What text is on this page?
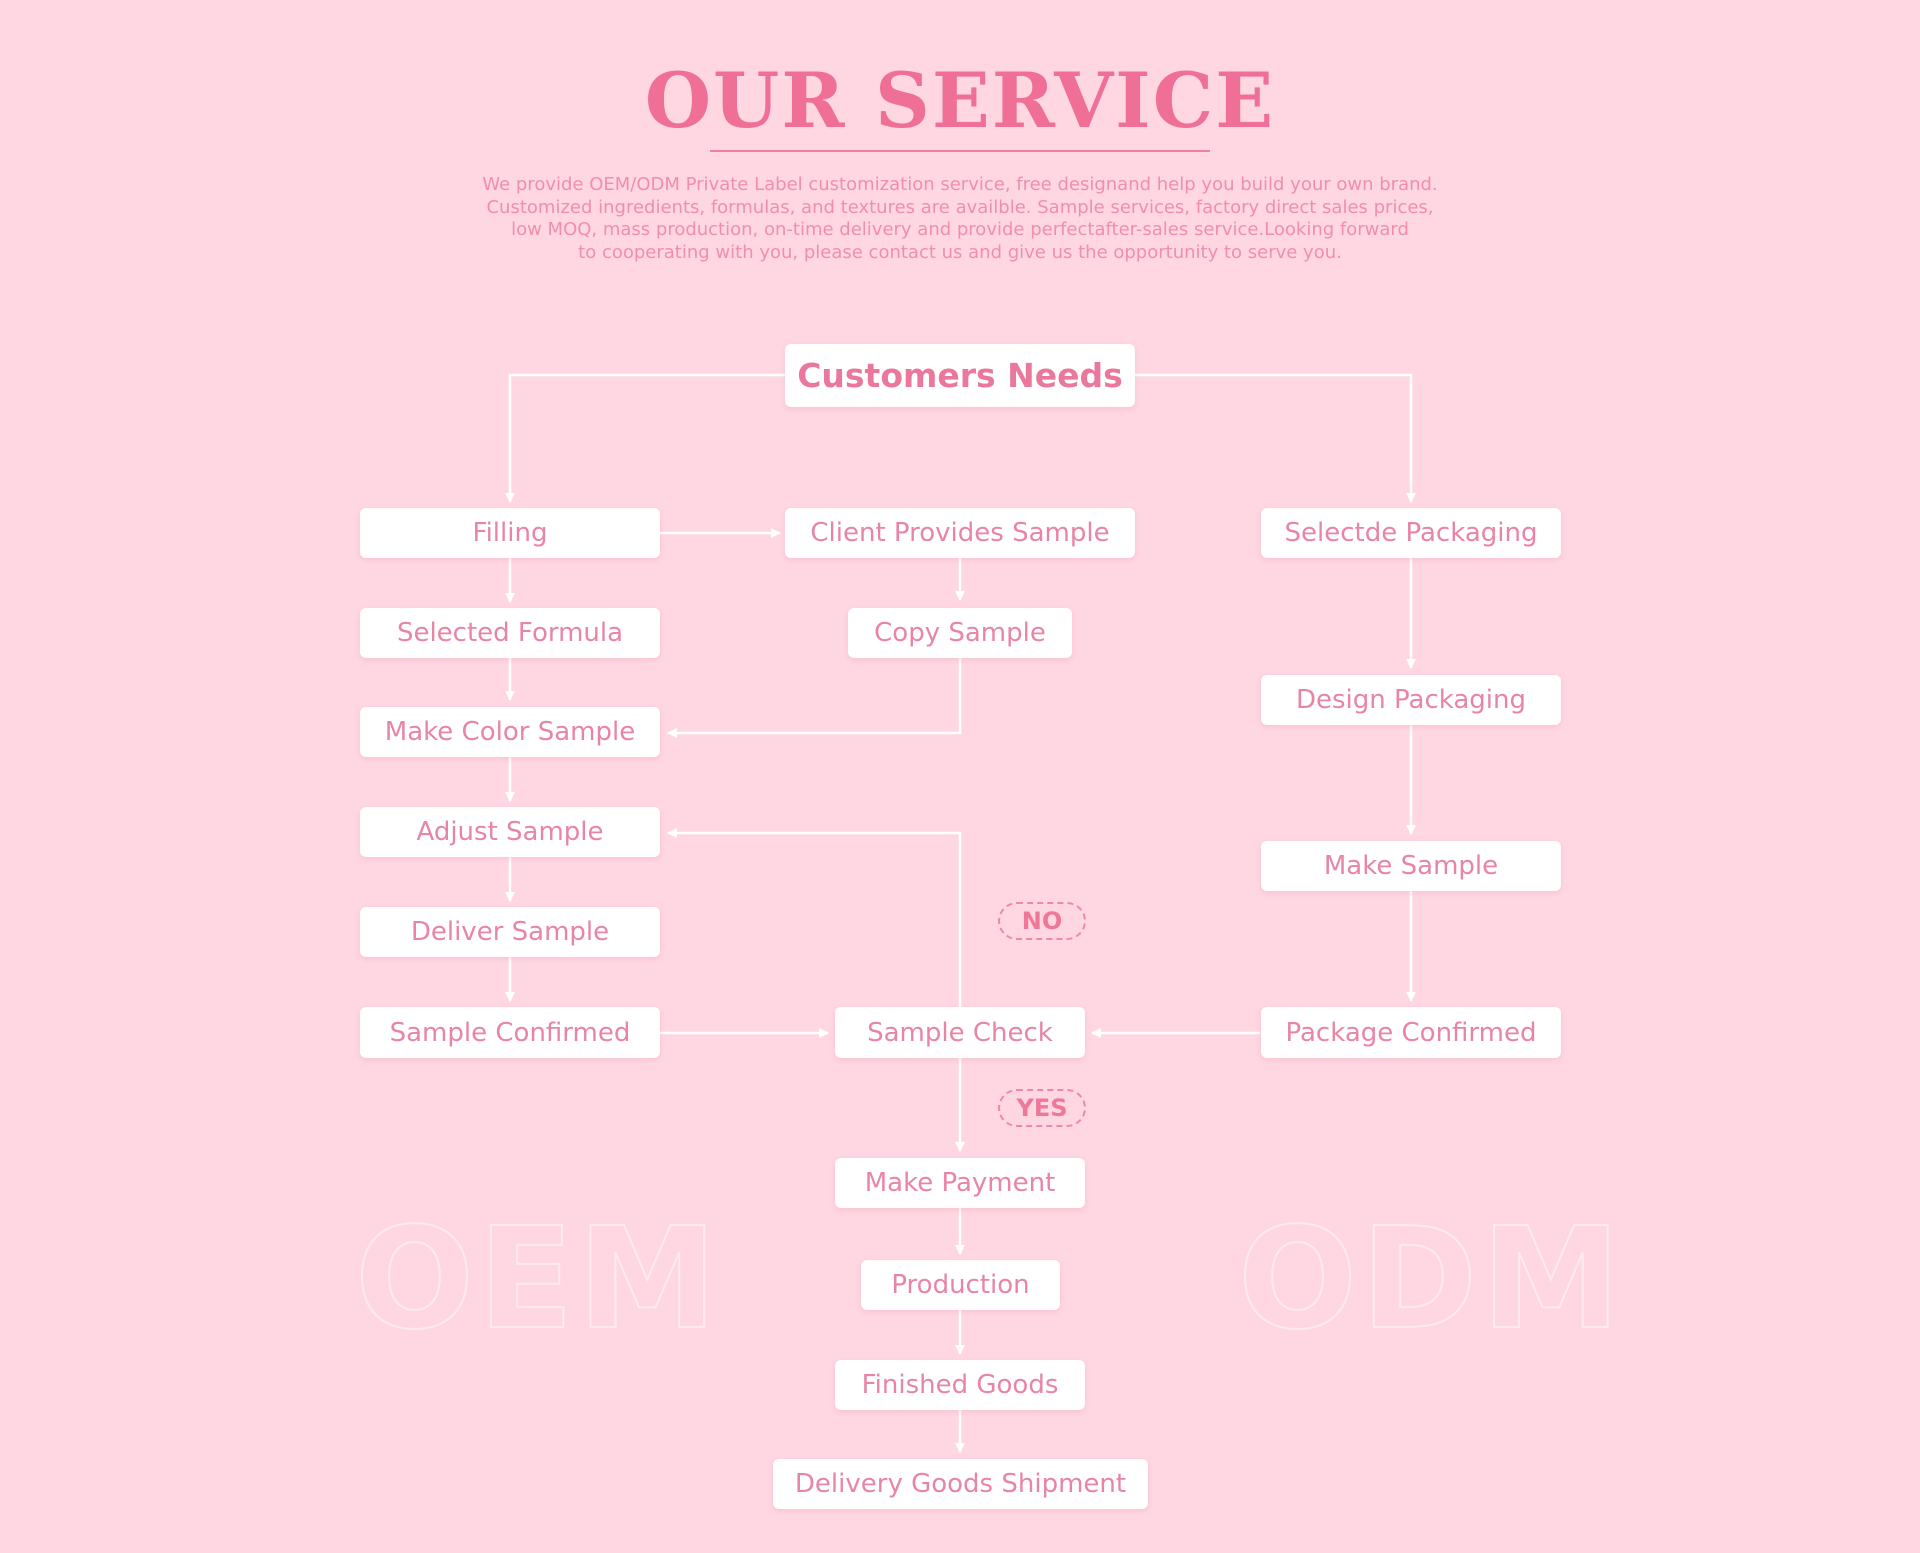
OUR SERVICE
We provide OEM/ODM Private Label customization service, free designand help you build your own brand.
Customized ingredients, formulas, and textures are availble. Sample services, factory direct sales prices,
low MOQ, mass production, on-time delivery and provide perfectafter-sales service.Looking forward
to cooperating with you, please contact us and give us the opportunity to serve you.
OEM	ODM
Customers Needs
Filling	Client Provides Sample	Selectde Packaging
Selected Formula	Copy Sample
Design Packaging
Make Color Sample
Adjust Sample
Make Sample
NO
Deliver Sample
Sample Confirmed	Sample Check	Package Confirmed
YES
Make Payment
Production
Finished Goods
Delivery Goods Shipment
